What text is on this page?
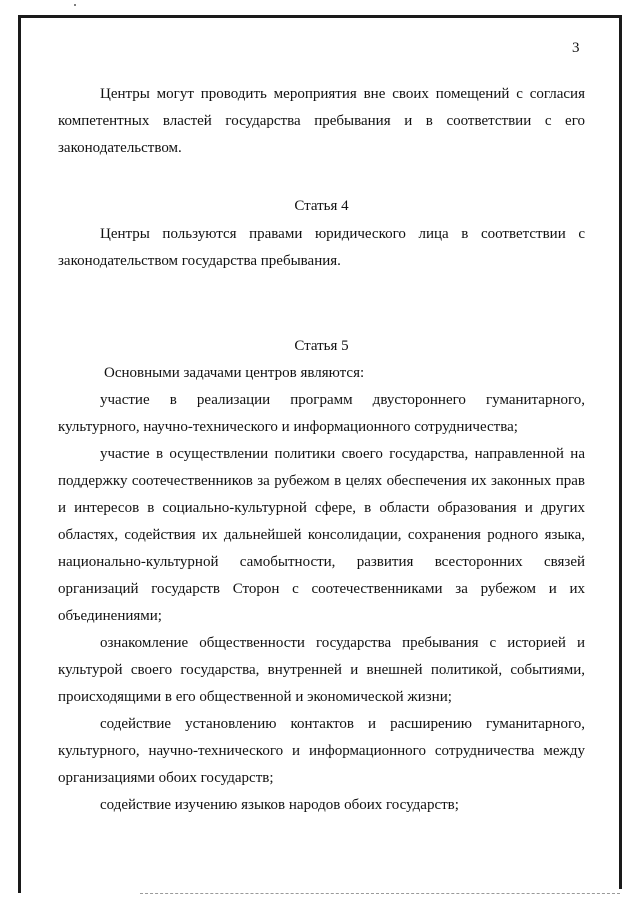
3

Центры могут проводить мероприятия вне своих помещений с согласия компетентных властей государства пребывания и в соответствии с его законодательством.

Статья 4

Центры пользуются правами юридического лица в соответствии с законодательством государства пребывания.

Статья 5

Основными задачами центров являются:

участие в реализации программ двустороннего гуманитарного, культурного, научно-технического и информационного сотрудничества;

участие в осуществлении политики своего государства, направленной на поддержку соотечественников за рубежом в целях обеспечения их законных прав и интересов в социально-культурной сфере, в области образования и других областях, содействия их дальнейшей консолидации, сохранения родного языка, национально-культурной самобытности, развития всесторонних связей организаций государств Сторон с соотечественниками за рубежом и их объединениями;

ознакомление общественности государства пребывания с историей и культурой своего государства, внутренней и внешней политикой, событиями, происходящими в его общественной и экономической жизни;

содействие установлению контактов и расширению гуманитарного, культурного, научно-технического и информационного сотрудничества между организациями обоих государств;

содействие изучению языков народов обоих государств;
